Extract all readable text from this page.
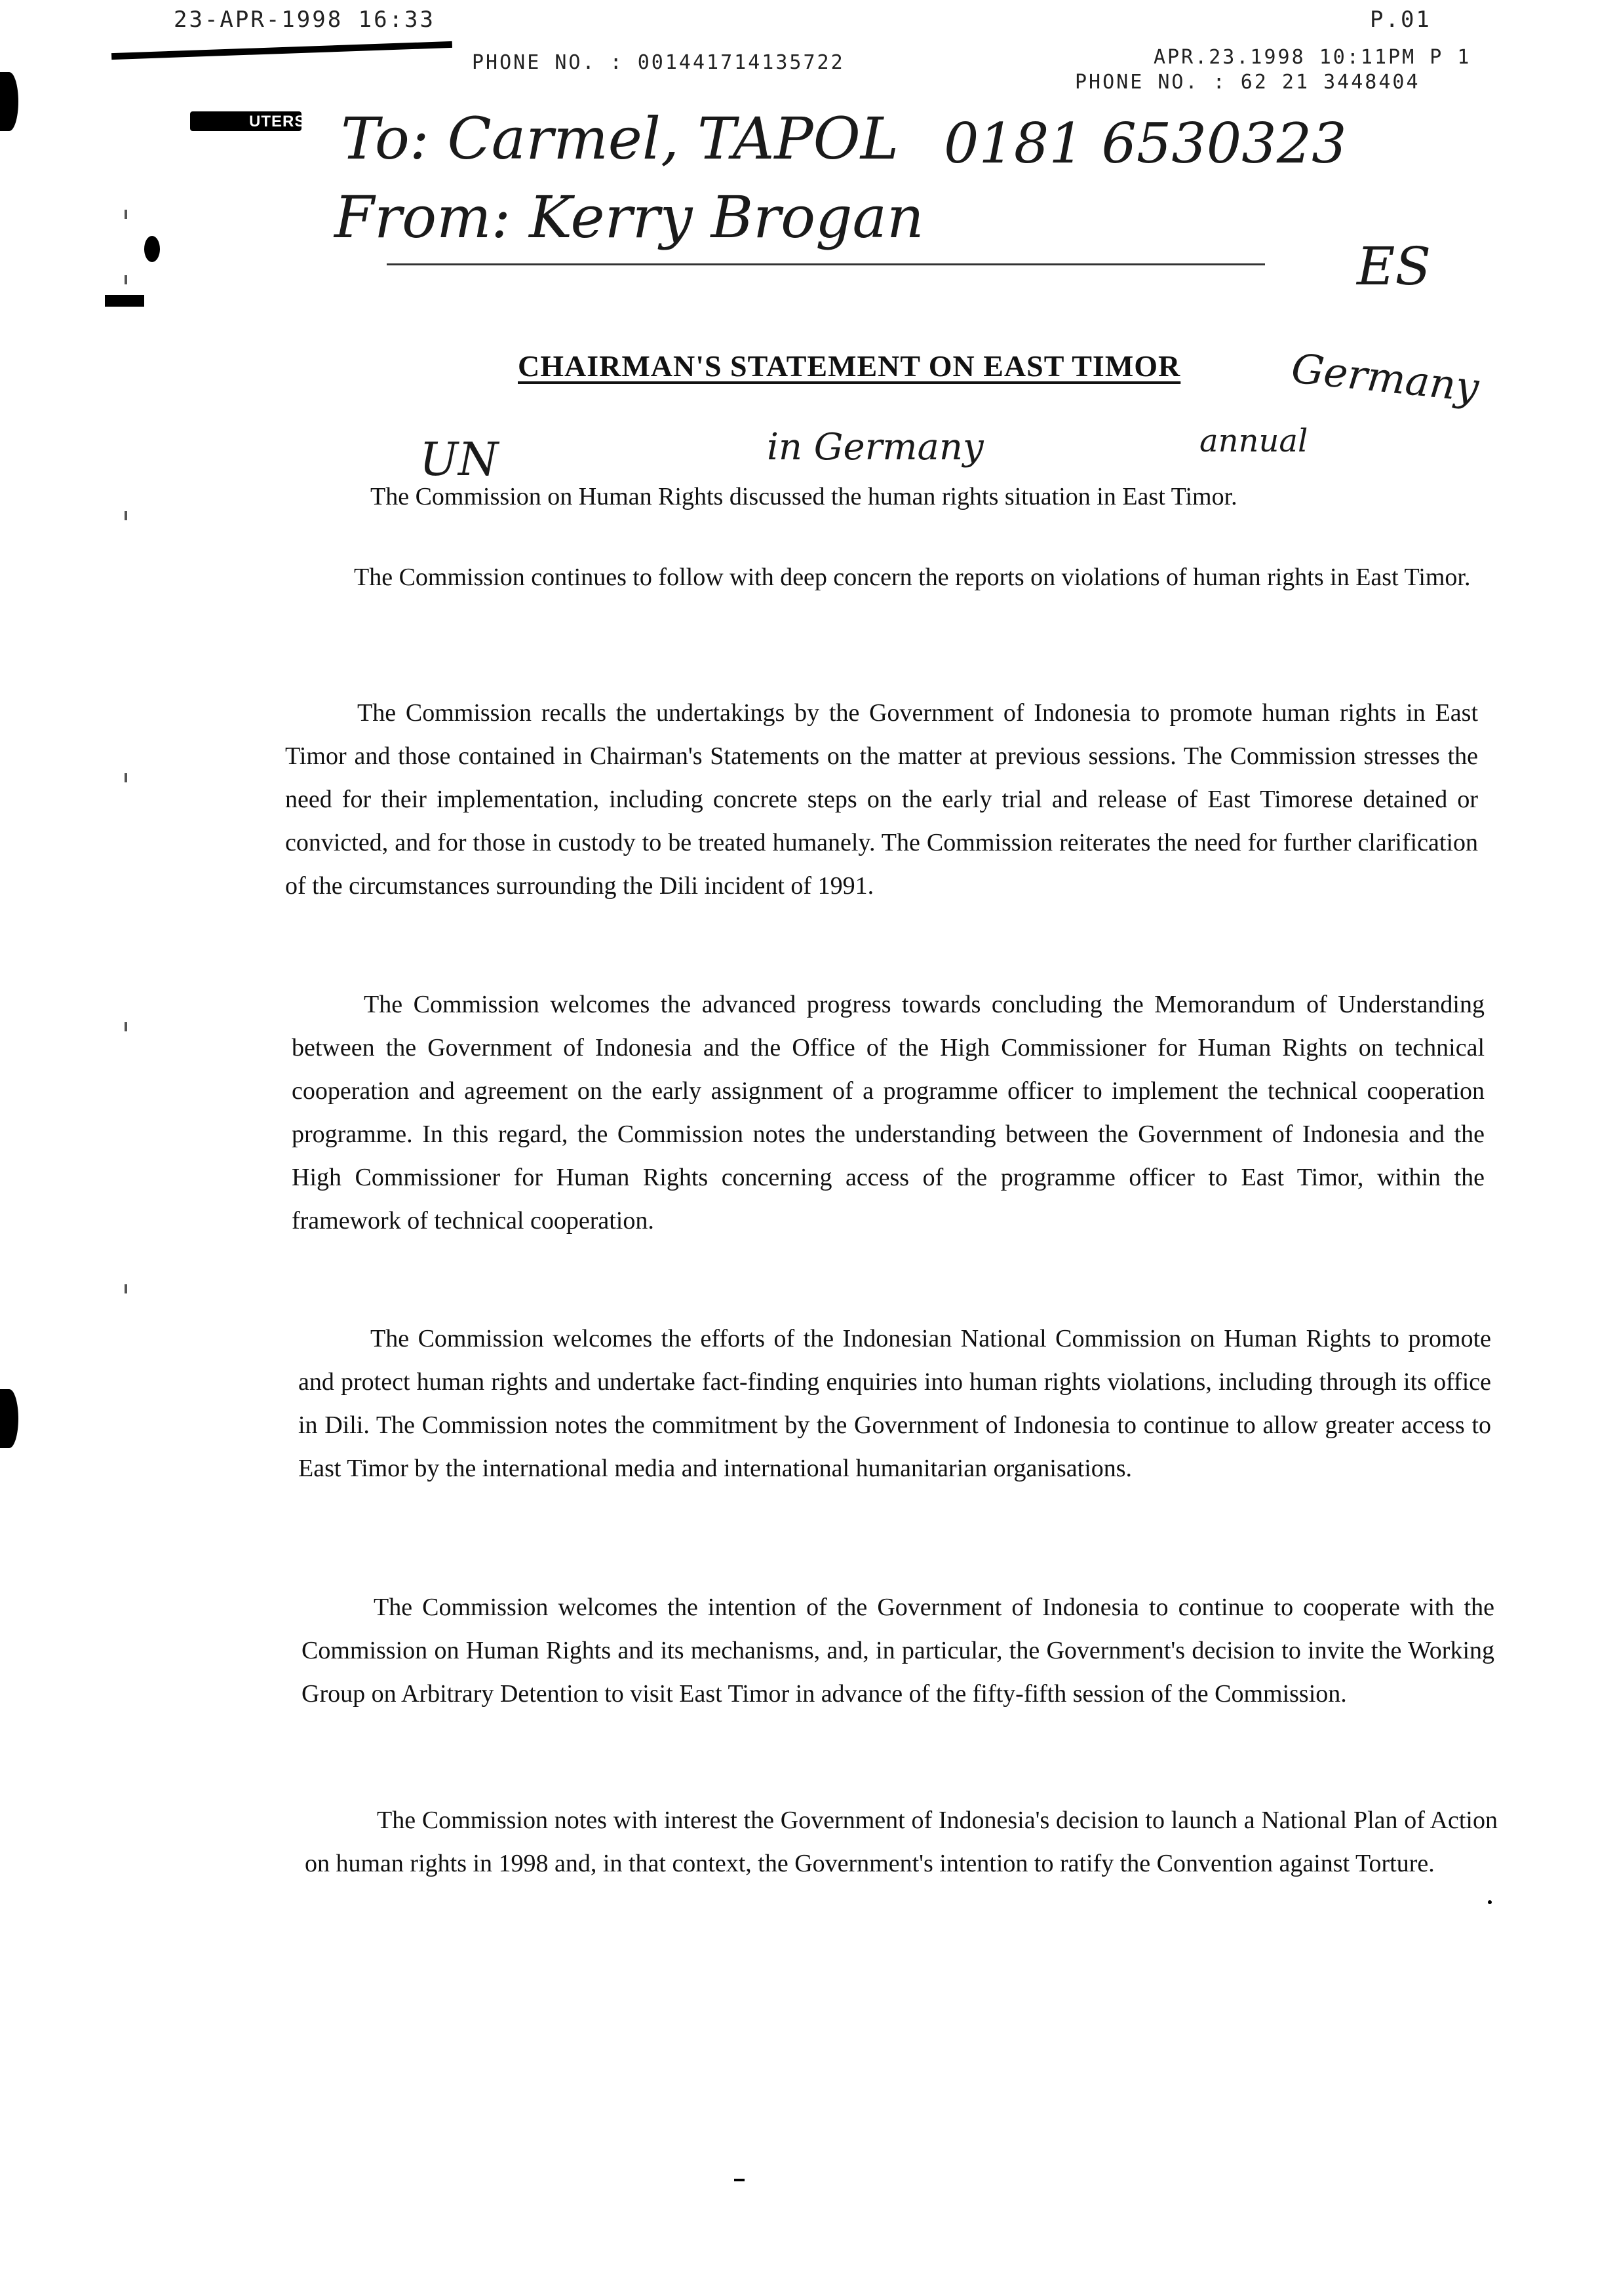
23-APR-1998 16:33	P.01
PHONE NO. : 001441714135722	APR.23.1998 10:11PM P 1
PHONE NO. : 62 21 3448404
UTERS To: Carmel, TAPOL 0181 6530323
From: Kerry Brogan
ES
CHAIRMAN'S STATEMENT ON EAST TIMOR	Germany
UN	in Germany	annual
The Commission on Human Rights discussed the human rights situation in East Timor.
The Commission continues to follow with deep concern the reports on violations of human rights in East Timor.
The Commission recalls the undertakings by the Government of Indonesia to promote human rights in East Timor and those contained in Chairman's Statements on the matter at previous sessions. The Commission stresses the need for their implementation, including concrete steps on the early trial and release of East Timorese detained or convicted, and for those in custody to be treated humanely. The Commission reiterates the need for further clarification of the circumstances surrounding the Dili incident of 1991.
The Commission welcomes the advanced progress towards concluding the Memorandum of Understanding between the Government of Indonesia and the Office of the High Commissioner for Human Rights on technical cooperation and agreement on the early assignment of a programme officer to implement the technical cooperation programme. In this regard, the Commission notes the understanding between the Government of Indonesia and the High Commissioner for Human Rights concerning access of the programme officer to East Timor, within the framework of technical cooperation.
The Commission welcomes the efforts of the Indonesian National Commission on Human Rights to promote and protect human rights and undertake fact-finding enquiries into human rights violations, including through its office in Dili. The Commission notes the commitment by the Government of Indonesia to continue to allow greater access to East Timor by the international media and international humanitarian organisations.
The Commission welcomes the intention of the Government of Indonesia to continue to cooperate with the Commission on Human Rights and its mechanisms, and, in particular, the Government's decision to invite the Working Group on Arbitrary Detention to visit East Timor in advance of the fifty-fifth session of the Commission.
The Commission notes with interest the Government of Indonesia's decision to launch a National Plan of Action on human rights in 1998 and, in that context, the Government's intention to ratify the Convention against Torture.
